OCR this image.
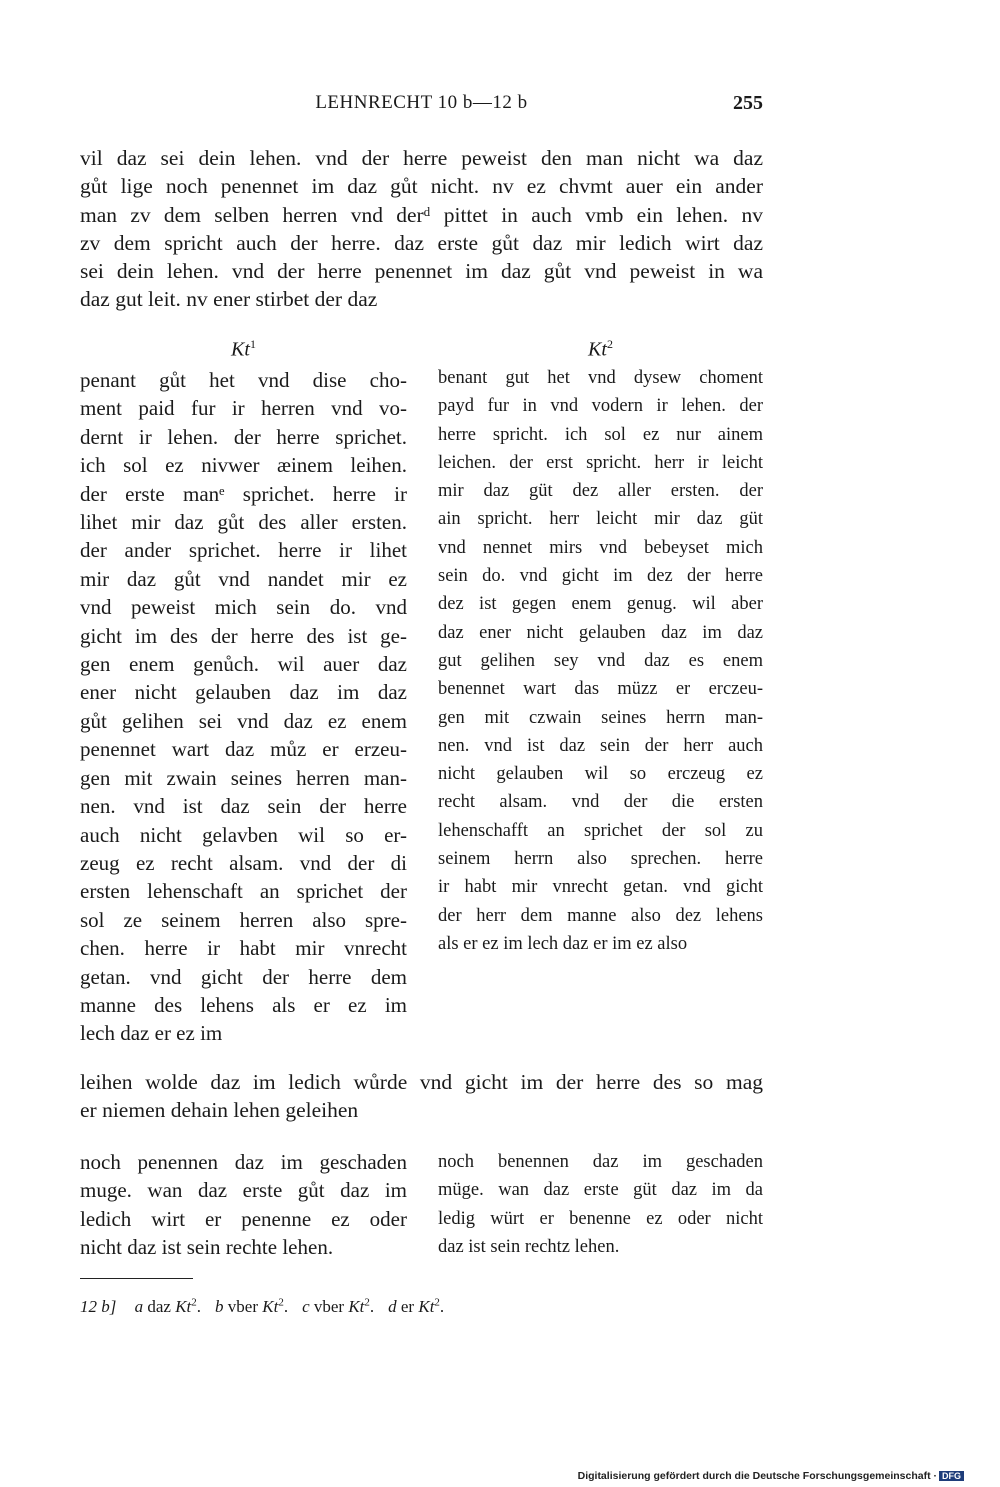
LEHNRECHT 10 b—12 b	255
vil daz sei dein lehen. vnd der herre peweist den man nicht wa daz
gůt lige noch penennet im daz gůt nicht. nv ez chvmt auer ein ander
man zv dem selben herren vnd derᵈ pittet in auch vmb ein lehen. nv
zv dem spricht auch der herre. daz erste gůt daz mir ledich wirt daz
sei dein lehen. vnd der herre penennet im daz gůt vnd peweist in wa
daz gut leit. nv ener stirbet der daz
Kt$^1$	Kt$^2$
penant gůt het vnd dise cho-
ment paid fur ir herren vnd vo-
dernt ir lehen. der herre sprichet.
ich sol ez nivwer æinem leihen.
der erste manᵉ sprichet. herre ir
lihet mir daz gůt des aller ersten.
der ander sprichet. herre ir lihet
mir daz gůt vnd nandet mir ez
vnd peweist mich sein do. vnd
gicht im des der herre des ist ge-
gen enem genůch. wil auer daz
ener nicht gelauben daz im daz
gůt gelihen sei vnd daz ez enem
penennet wart daz můz er erzeu-
gen mit zwain seines herren man-
nen. vnd ist daz sein der herre
auch nicht gelavben wil so er-
zeug ez recht alsam. vnd der di
ersten lehenschaft an sprichet der
sol ze seinem herren also spre-
chen. herre ir habt mir vnrecht
getan. vnd gicht der herre dem
manne des lehens als er ez im
lech daz er ez im
benant gut het vnd dysew choment
payd fur in vnd vodern ir lehen. der
herre spricht. ich sol ez nur ainem
leichen. der erst spricht. herr ir leicht
mir daz güt dez aller ersten. der
ain spricht. herr leicht mir daz güt
vnd nennet mirs vnd bebeyset mich
sein do. vnd gicht im dez der herre
dez ist gegen enem genug. wil aber
daz ener nicht gelauben daz im daz
gut gelihen sey vnd daz es enem
benennet wart das müzz er erczeu-
gen mit czwain seines herrn man-
nen. vnd ist daz sein der herr auch
nicht gelauben wil so erczeug ez
recht alsam. vnd der die ersten
lehenschafft an sprichet der sol zu
seinem herrn also sprechen. herre
ir habt mir vnrecht getan. vnd gicht
der herr dem manne also dez lehens
als er ez im lech daz er im ez also
leihen wolde daz im ledich wůrde vnd gicht im der herre des so mag
er niemen dehain lehen geleihen
noch penennen daz im geschaden
muge. wan daz erste gůt daz im
ledich wirt er penenne ez oder
nicht daz ist sein rechte lehen.
noch benennen daz im geschaden
müge. wan daz erste güt daz im da
ledig würt er benenne ez oder nicht
daz ist sein rechtz lehen.
12 b] a daz Kt$^2$. b vber Kt$^2$. c vber Kt$^2$. d er Kt$^2$.
Digitalisierung gefördert durch die Deutsche Forschungsgemeinschaft · DFG
